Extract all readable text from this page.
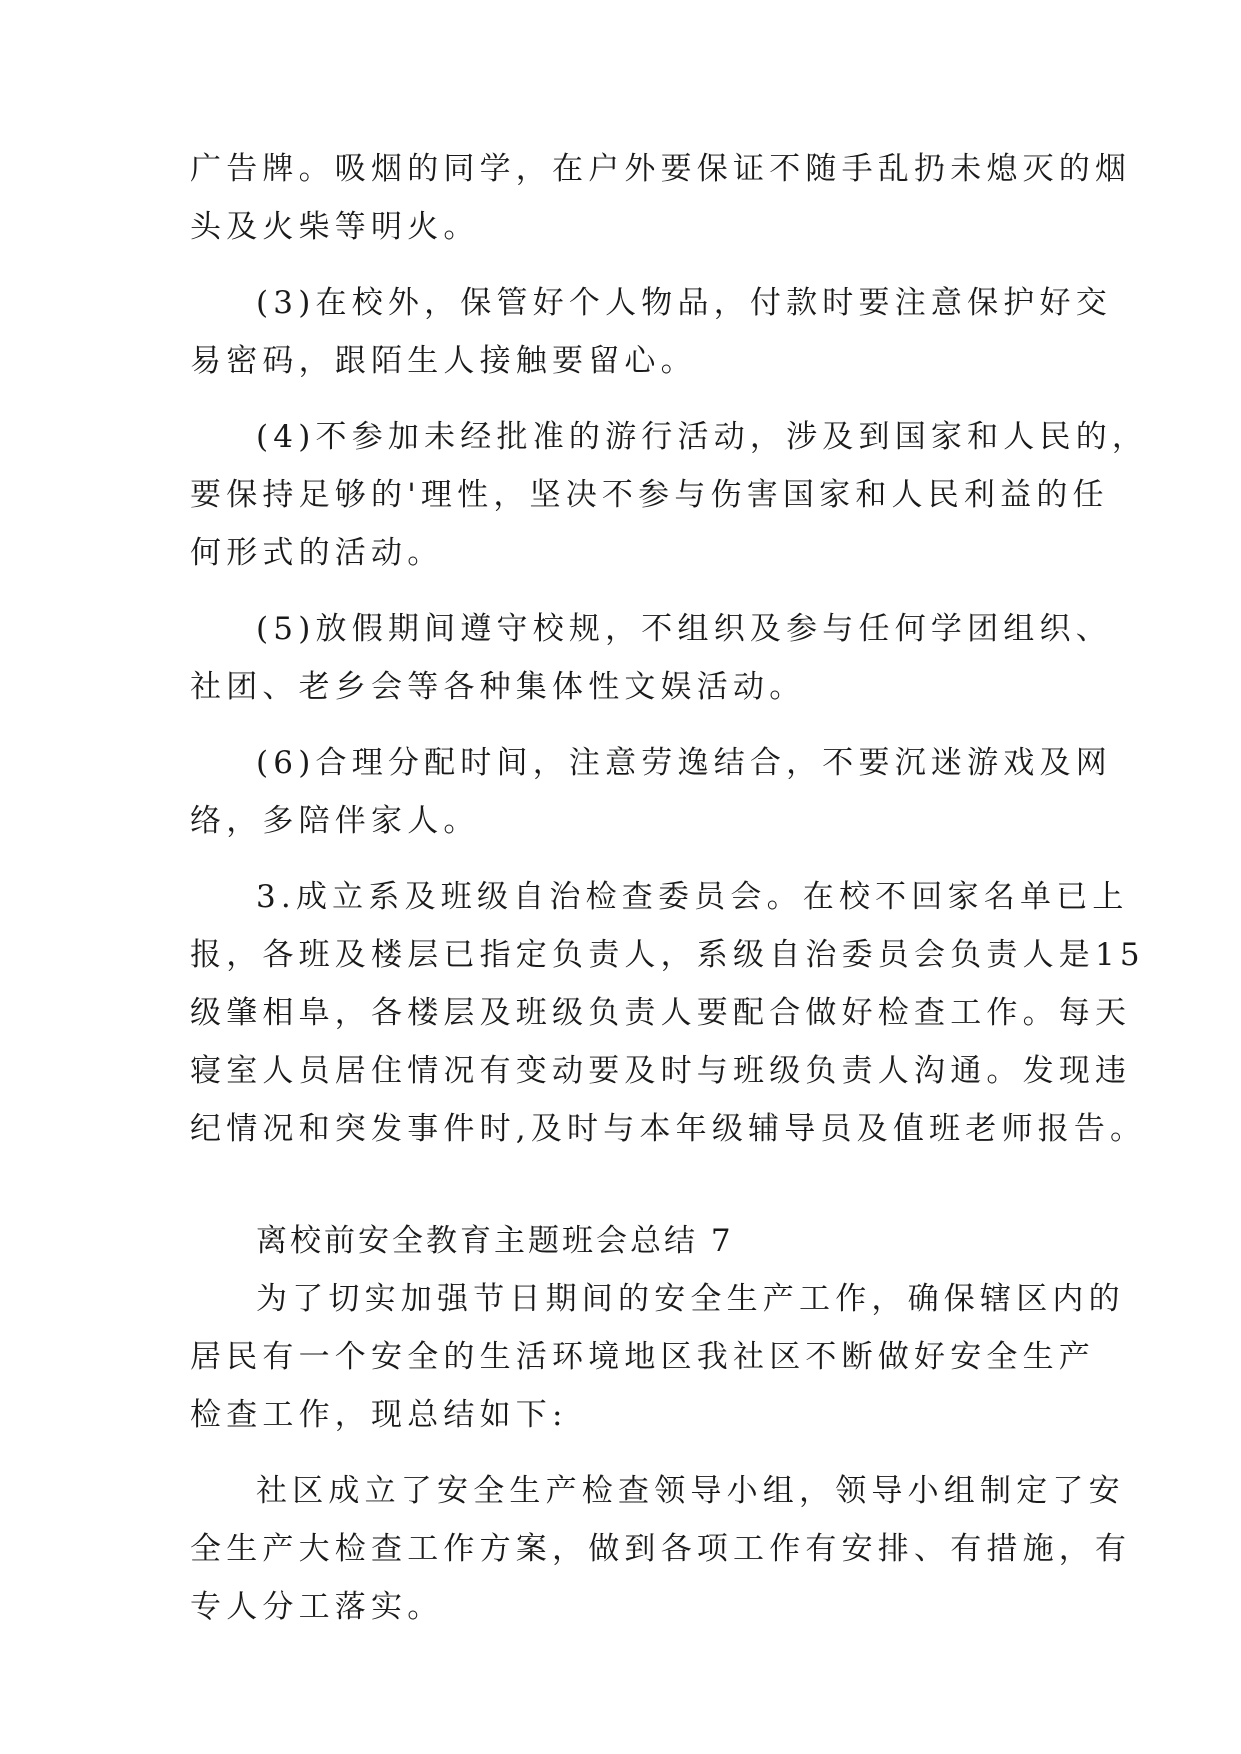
广告牌。吸烟的同学，在户外要保证不随手乱扔未熄灭的烟
头及火柴等明火。
(3)在校外，保管好个人物品，付款时要注意保护好交
易密码，跟陌生人接触要留心。
(4)不参加未经批准的游行活动，涉及到国家和人民的，
要保持足够的'理性，坚决不参与伤害国家和人民利益的任
何形式的活动。
(5)放假期间遵守校规，不组织及参与任何学团组织、
社团、老乡会等各种集体性文娱活动。
(6)合理分配时间，注意劳逸结合，不要沉迷游戏及网
络，多陪伴家人。
3.成立系及班级自治检查委员会。在校不回家名单已上
报，各班及楼层已指定负责人，系级自治委员会负责人是15
级肇相阜，各楼层及班级负责人要配合做好检查工作。每天
寝室人员居住情况有变动要及时与班级负责人沟通。发现违
纪情况和突发事件时,及时与本年级辅导员及值班老师报告。
离校前安全教育主题班会总结 7
为了切实加强节日期间的安全生产工作，确保辖区内的
居民有一个安全的生活环境地区我社区不断做好安全生产
检查工作，现总结如下:
社区成立了安全生产检查领导小组，领导小组制定了安
全生产大检查工作方案，做到各项工作有安排、有措施，有
专人分工落实。
